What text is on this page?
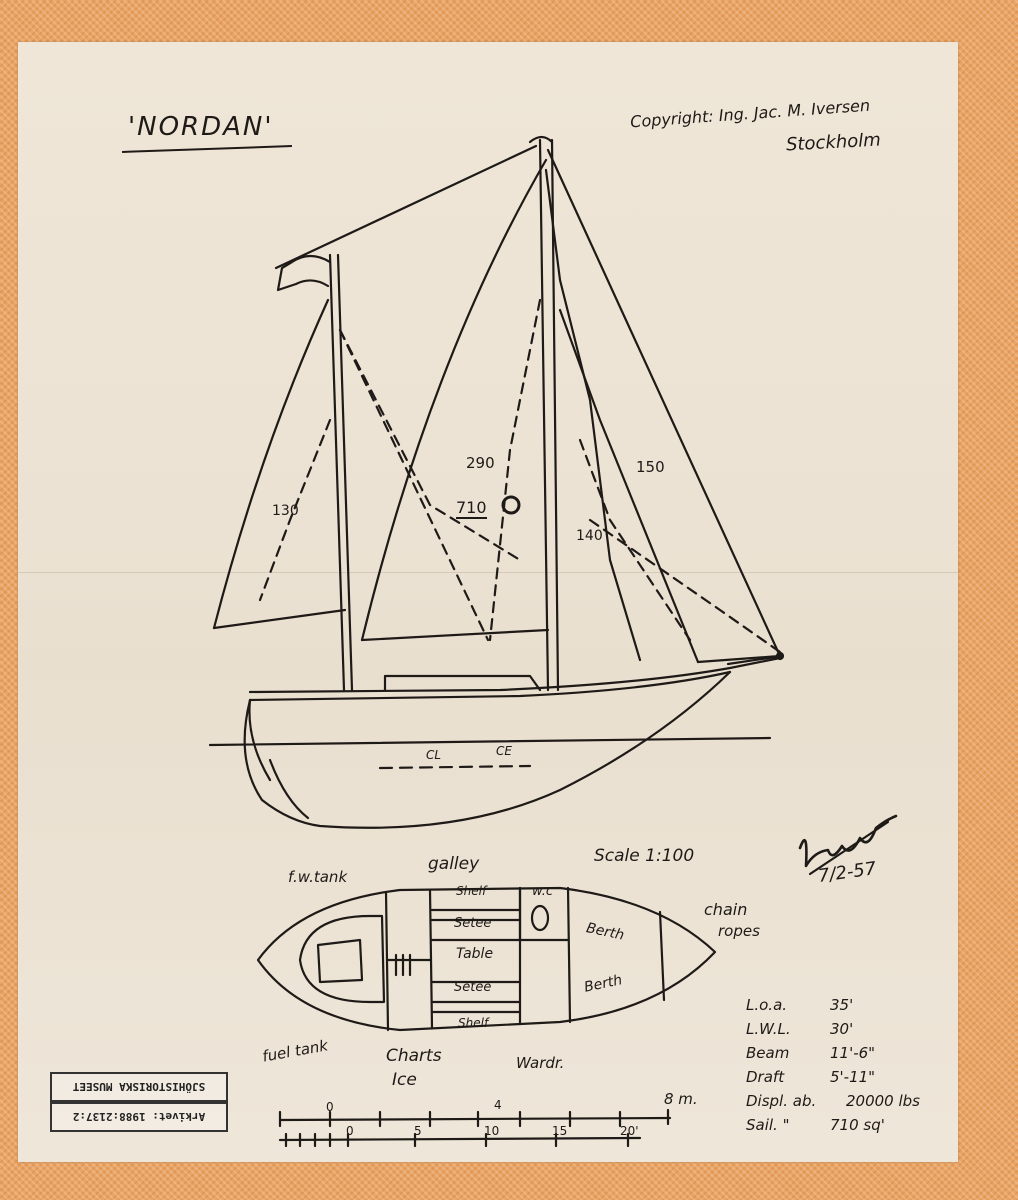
'NORDAN'	Copyright: Ing. Jac. M. Iversen
Stockholm
290
710
150
130
140
CL	CE
Scale 1:100
7/2-57
f.w.tank
galley
Shelf	w.c
Setee	Berth
Table
Setee	Berth
Shelf
chain
ropes
fuel tank	Charts
Ice
Wardr.
L.o.a.	35'
L.W.L.	30'
Beam	11'-6"
Draft	5'-11"
Displ. ab. 20000 lbs
Sail. "	710 sq'
0	4	8 m.
0	5	10	15	20'
SJÖHISTORISKA MUSEET
Arkivet: 1988:2137:2
